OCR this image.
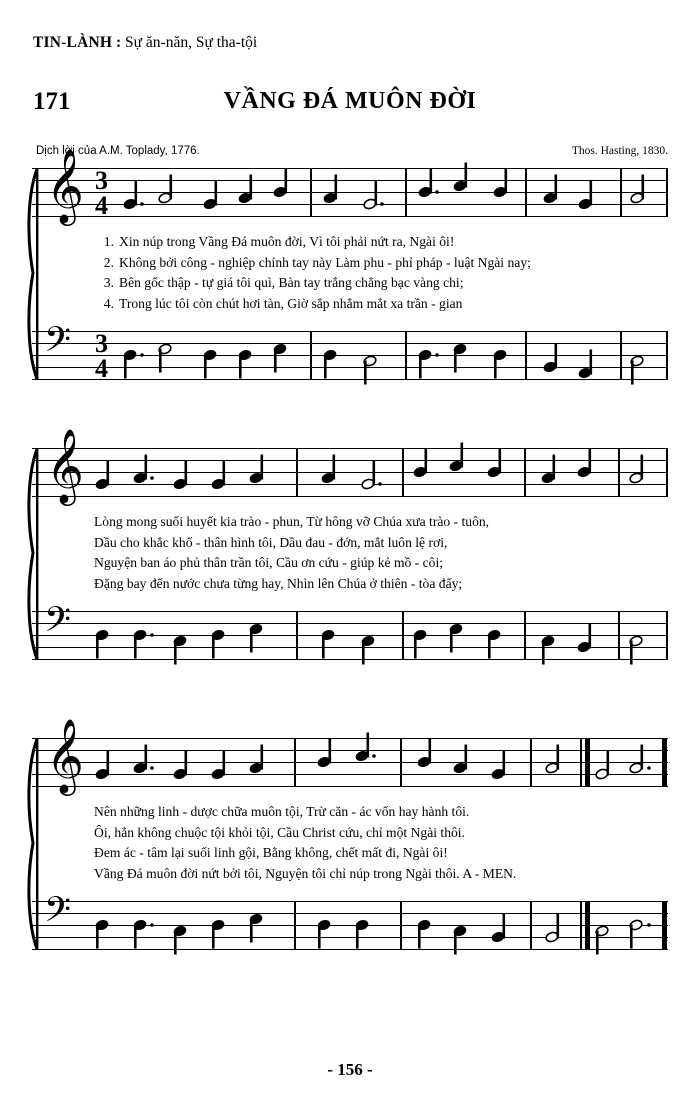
TIN-LÀNH : Sự ăn-năn, Sự tha-tội
171	VẦNG ĐÁ MUÔN ĐỜI
Dịch lời của A.M. Toplady, 1776.	Thos. Hasting, 1830.
𝄞 3
4
1. Xin núp trong Vầng Đá muôn đời, Vì tôi phải nứt ra, Ngài ôi!
2. Không bởi công - nghiệp chính tay này Làm phu - phỉ pháp - luật Ngài nay;
3. Bên gốc thập - tự giá tôi quì, Bàn tay trắng chẳng bạc vàng chi;
4. Trong lúc tôi còn chút hơi tàn, Giờ sắp nhắm mắt xa trần - gian
𝄢 3
4
𝄞
Lòng mong suối huyết kia trào - phun, Từ hông vỡ Chúa xưa trào - tuôn,
Dầu cho khắc khổ - thân hình tôi, Dầu đau - đớn, mắt luôn lệ rơi,
Nguyện ban áo phủ thân trần tôi, Cầu ơn cứu - giúp kẻ mồ - côi;
Đặng bay đến nước chưa từng hay, Nhìn lên Chúa ở thiên - tòa đấy;
𝄢
𝄞
Nên những linh - dược chữa muôn tội, Trừ căn - ác vốn hay hành tôi.
Ôi, hẳn không chuộc tội khỏi tội, Cầu Christ cứu, chỉ một Ngài thôi.
Đem ác - tâm lại suối linh gội, Bằng không, chết mất đi, Ngài ôi!
Vầng Đá muôn đời nứt bởi tôi, Nguyện tôi chỉ núp trong Ngài thôi. A - MEN.
𝄢
- 156 -
